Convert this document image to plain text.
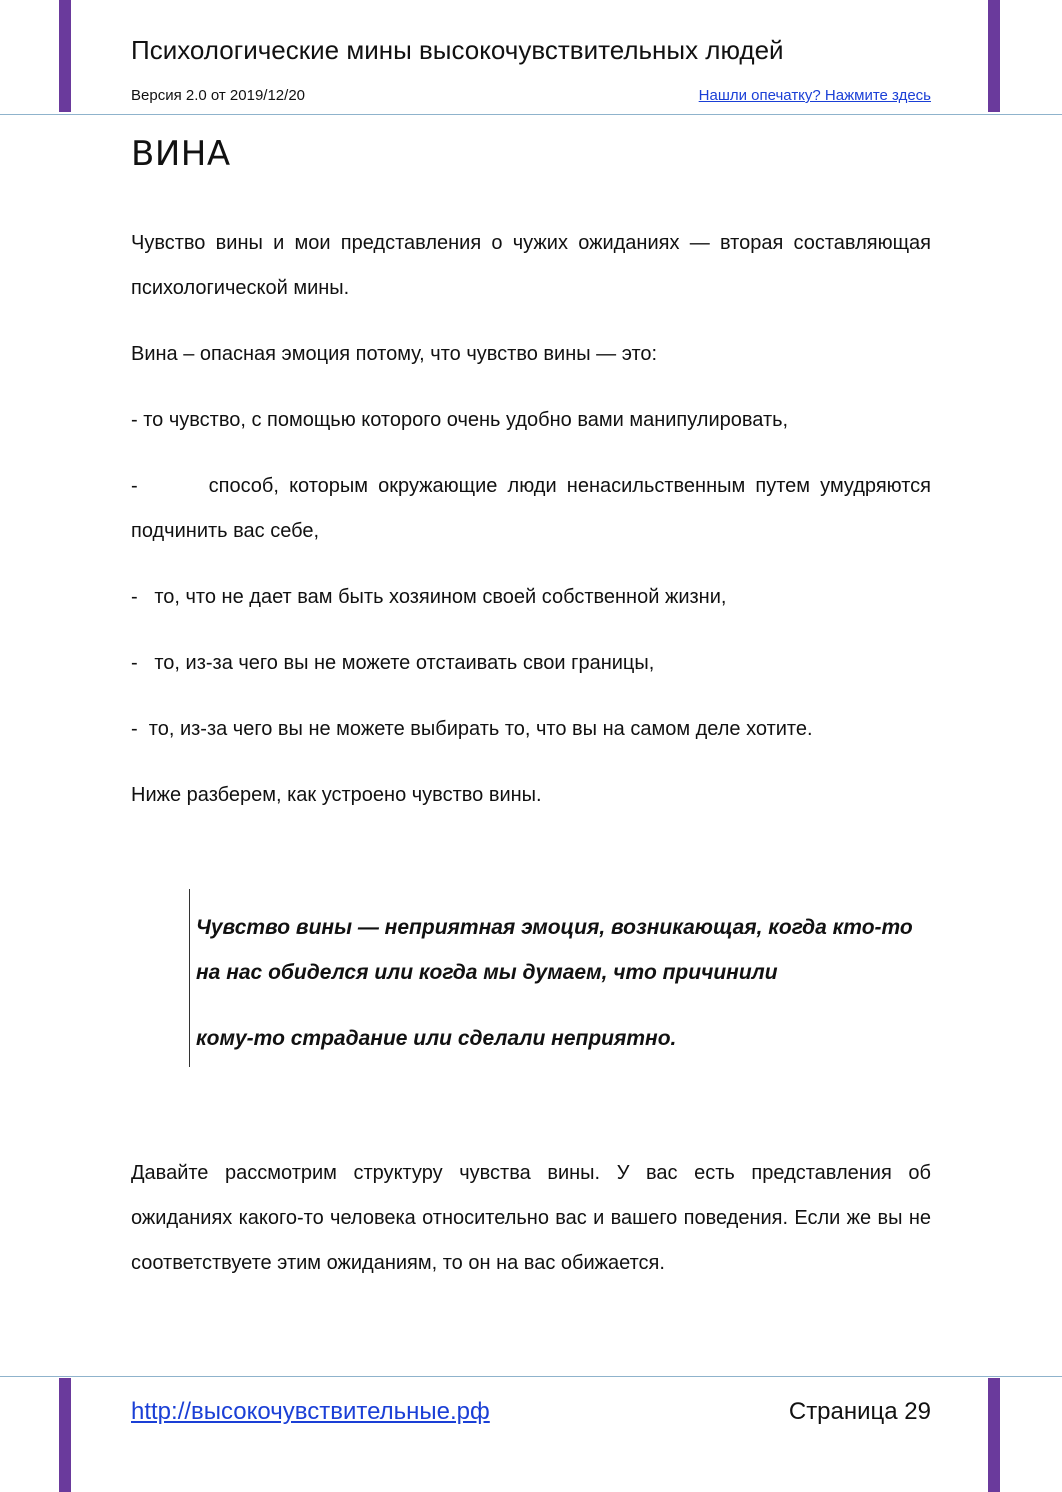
Психологические мины высокочувствительных людей
Версия 2.0 от 2019/12/20	Нашли опечатку? Нажмите здесь
ВИНА

Чувство вины и мои представления о чужих ожиданиях — вторая составляющая психологической мины.

Вина – опасная эмоция потому, что чувство вины — это:

- то чувство, с помощью которого очень удобно вами манипулировать,

-       способ, которым окружающие люди ненасильственным путем умудряются подчинить вас себе,

- то, что не дает вам быть хозяином своей собственной жизни,
- то, из-за чего вы не можете отстаивать свои границы,
- то, из-за чего вы не можете выбирать то, что вы на самом деле хотите.

Ниже разберем, как устроено чувство вины.

Чувство вины — неприятная эмоция, возникающая, когда кто-то на нас обиделся или когда мы думаем, что причинили

кому-то страдание или сделали неприятно.

Давайте рассмотрим структуру чувства вины. У вас есть представления об ожиданиях какого-то человека относительно вас и вашего поведения. Если же вы не соответствуете этим ожиданиям, то он на вас обижается.

http://высокочувствительные.рф	Страница 29
